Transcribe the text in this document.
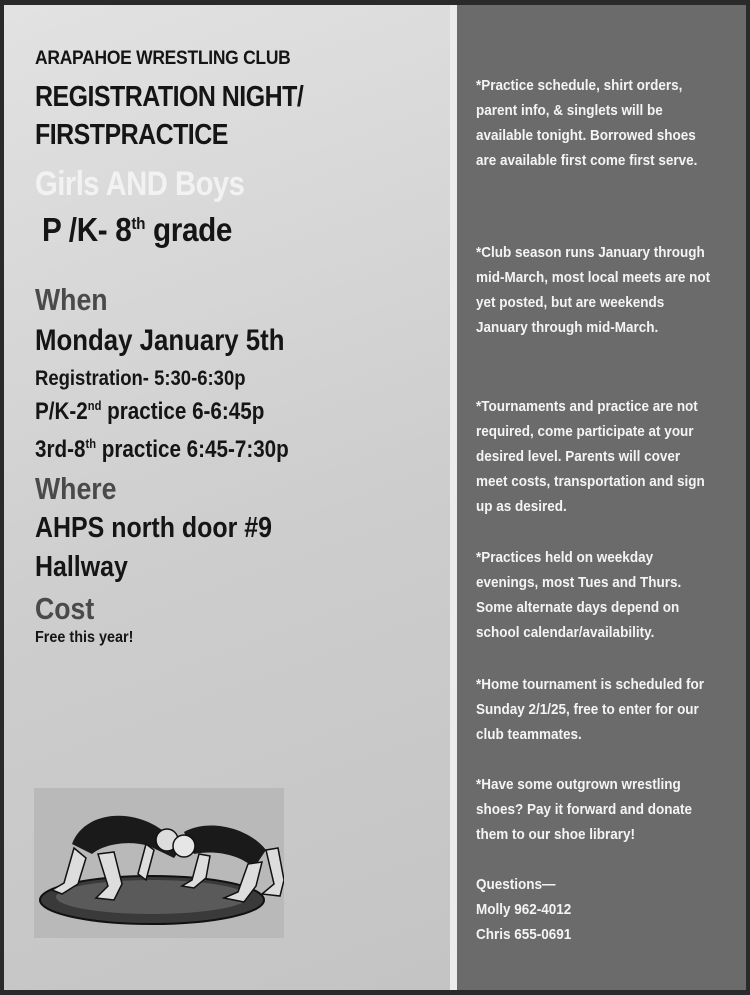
ARAPAHOE WRESTLING CLUB
REGISTRATION NIGHT/
FIRSTPRACTICE
Girls AND Boys
P /K- 8th grade
When
Monday January 5th
Registration- 5:30-6:30p
P/K-2nd practice 6-6:45p
3rd-8th practice 6:45-7:30p
Where
AHPS north door #9
Hallway
Cost
Free this year!
*Practice schedule, shirt orders, parent info, & singlets will be available tonight. Borrowed shoes are available first come first serve.
*Club season runs January through mid-March, most local meets are not yet posted, but are weekends January through mid-March.
*Tournaments and practice are not required, come participate at your desired level. Parents will cover meet costs, transportation and sign up as desired.
*Practices held on weekday evenings, most Tues and Thurs. Some alternate days depend on school calendar/availability.
*Home tournament is scheduled for Sunday 2/1/25, free to enter for our club teammates.
*Have some outgrown wrestling shoes? Pay it forward and donate them to our shoe library!
Questions—
Molly 962-4012
Chris 655-0691
